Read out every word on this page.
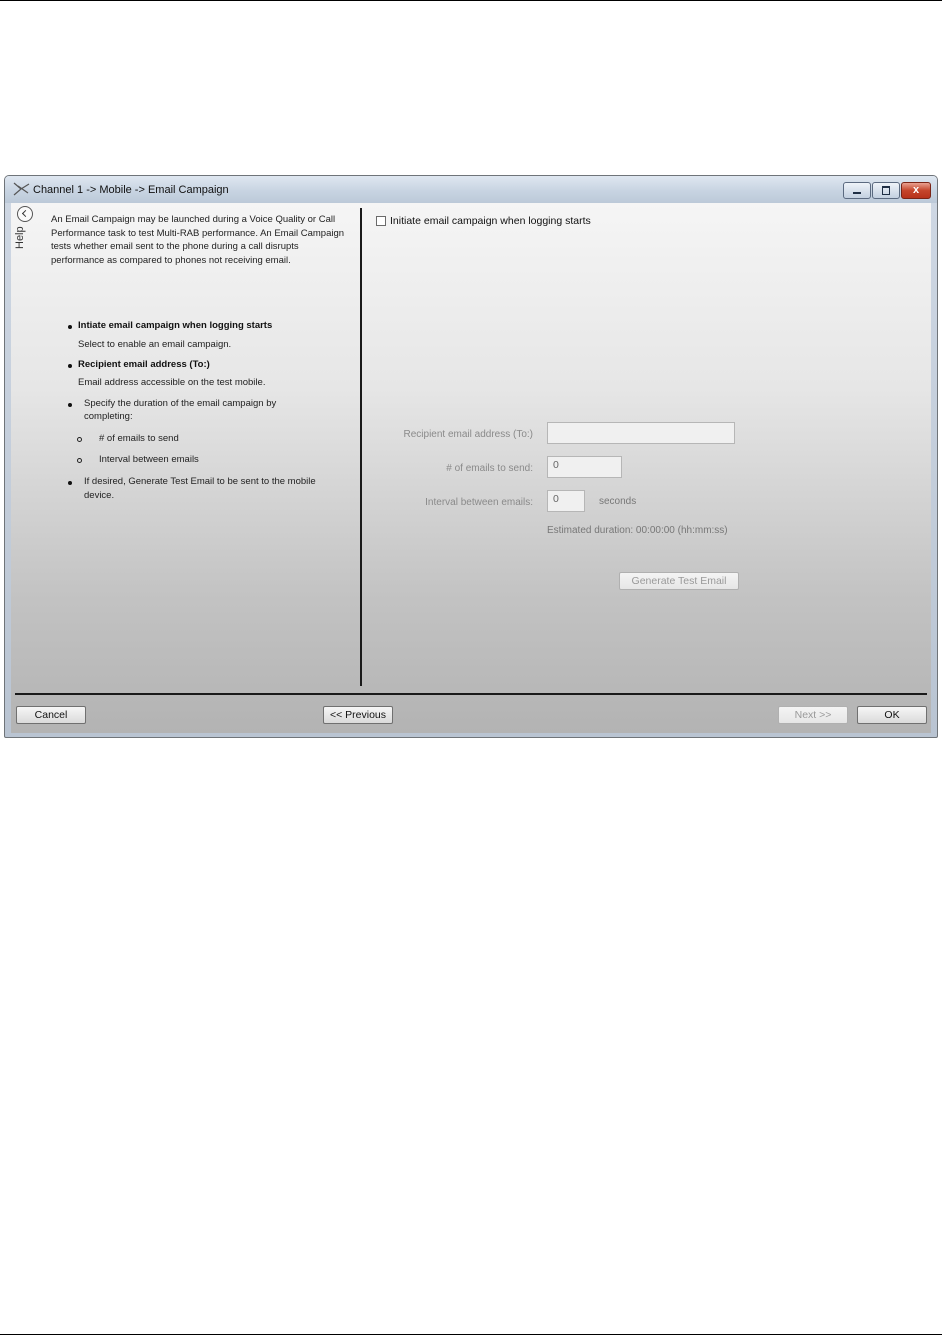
Channel 1 -> Mobile -> Email Campaign	x
Help

An Email Campaign may be launched during a Voice Quality or Call Performance task to test Multi-RAB performance. An Email Campaign tests whether email sent to the phone during a call disrupts performance as compared to phones not receiving email.

Intiate email campaign when logging starts
Select to enable an email campaign.
Recipient email address (To:)
Email address accessible on the test mobile.
Specify the duration of the email campaign by
completing:
# of emails to send
Interval between emails
If desired, Generate Test Email to be sent to the mobile
device.
Initiate email campaign when logging starts
Recipient email address (To:)
# of emails to send:	0
Interval between emails:	0	seconds
Estimated duration: 00:00:00 (hh:mm:ss)
Generate Test Email
Cancel	<< Previous	Next >>	OK
